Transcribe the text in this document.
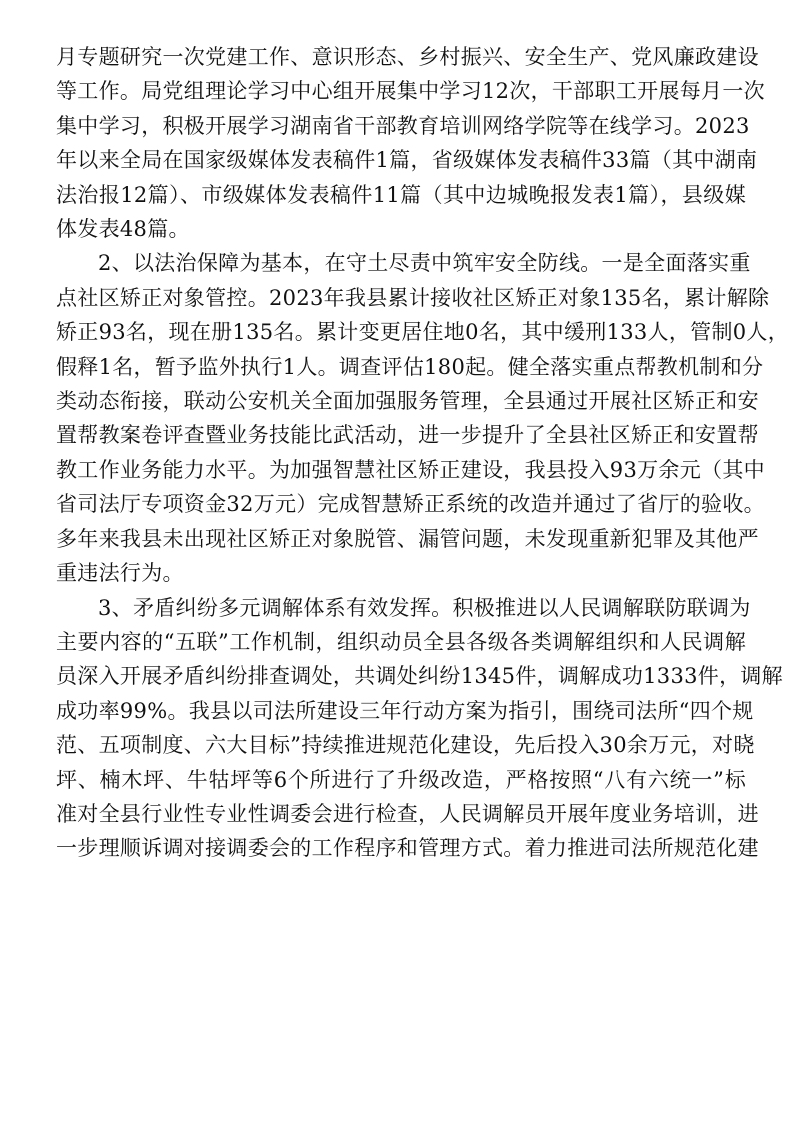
月专题研究一次党建工作、意识形态、乡村振兴、安全生产、党风廉政建设
等工作。局党组理论学习中心组开展集中学习12次，干部职工开展每月一次
集中学习，积极开展学习湖南省干部教育培训网络学院等在线学习。2023
年以来全局在国家级媒体发表稿件1篇，省级媒体发表稿件33篇（其中湖南
法治报12篇）、市级媒体发表稿件11篇（其中边城晚报发表1篇），县级媒
体发表48篇。
2、以法治保障为基本，在守土尽责中筑牢安全防线。一是全面落实重
点社区矫正对象管控。2023年我县累计接收社区矫正对象135名，累计解除
矫正93名，现在册135名。累计变更居住地0名，其中缓刑133人，管制0人，
假释1名，暂予监外执行1人。调查评估180起。健全落实重点帮教机制和分
类动态衔接，联动公安机关全面加强服务管理，全县通过开展社区矫正和安
置帮教案卷评查暨业务技能比武活动，进一步提升了全县社区矫正和安置帮
教工作业务能力水平。为加强智慧社区矫正建设，我县投入93万余元（其中
省司法厅专项资金32万元）完成智慧矫正系统的改造并通过了省厅的验收。
多年来我县未出现社区矫正对象脱管、漏管问题，未发现重新犯罪及其他严
重违法行为。
3、矛盾纠纷多元调解体系有效发挥。积极推进以人民调解联防联调为
主要内容的“五联”工作机制，组织动员全县各级各类调解组织和人民调解
员深入开展矛盾纠纷排查调处，共调处纠纷1345件，调解成功1333件，调解
成功率99%。我县以司法所建设三年行动方案为指引，围绕司法所“四个规
范、五项制度、六大目标”持续推进规范化建设，先后投入30余万元，对晓
坪、楠木坪、牛牯坪等6个所进行了升级改造，严格按照“八有六统一”标
准对全县行业性专业性调委会进行检查，人民调解员开展年度业务培训，进
一步理顺诉调对接调委会的工作程序和管理方式。着力推进司法所规范化建
